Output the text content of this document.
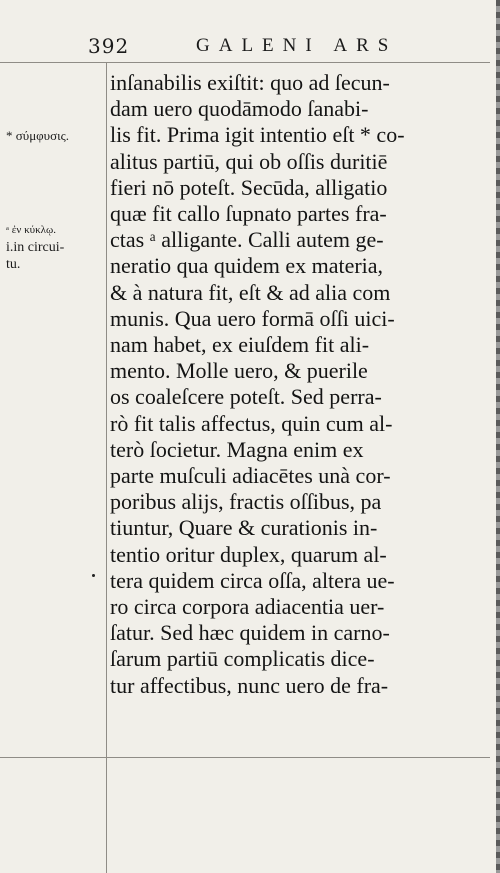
392	GALENI ARS
* σύμφυσις.
ᵃ ἐν κύκλῳ.
i.in circui-
tu.
inſanabilis exiſtit: quo ad ſecun-
dam uero quodāmodo ſanabi-
lis fit. Prima igit intentio eſt * co-
alitus partiū, qui ob oſſis duritiē
fieri nō poteſt. Secūda, alligatio
quæ fit callo ſupnato partes fra-
ctas ᵃ alligante. Calli autem ge-
neratio qua quidem ex materia,
& à natura fit, eſt & ad alia com
munis. Qua uero formā oſſi uici-
nam habet, ex eiuſdem fit ali-
mento. Molle uero, & puerile
os coaleſcere poteſt. Sed perra-
rò fit talis affectus, quin cum al-
terò ſocietur. Magna enim ex
parte muſculi adiacētes unà cor-
poribus alijs, fractis oſſibus, pa
tiuntur, Quare & curationis in-
tentio oritur duplex, quarum al-
tera quidem circa oſſa, altera ue-
ro circa corpora adiacentia uer-
ſatur. Sed hæc quidem in carno-
ſarum partiū complicatis dice-
tur affectibus, nunc uero de fra-
